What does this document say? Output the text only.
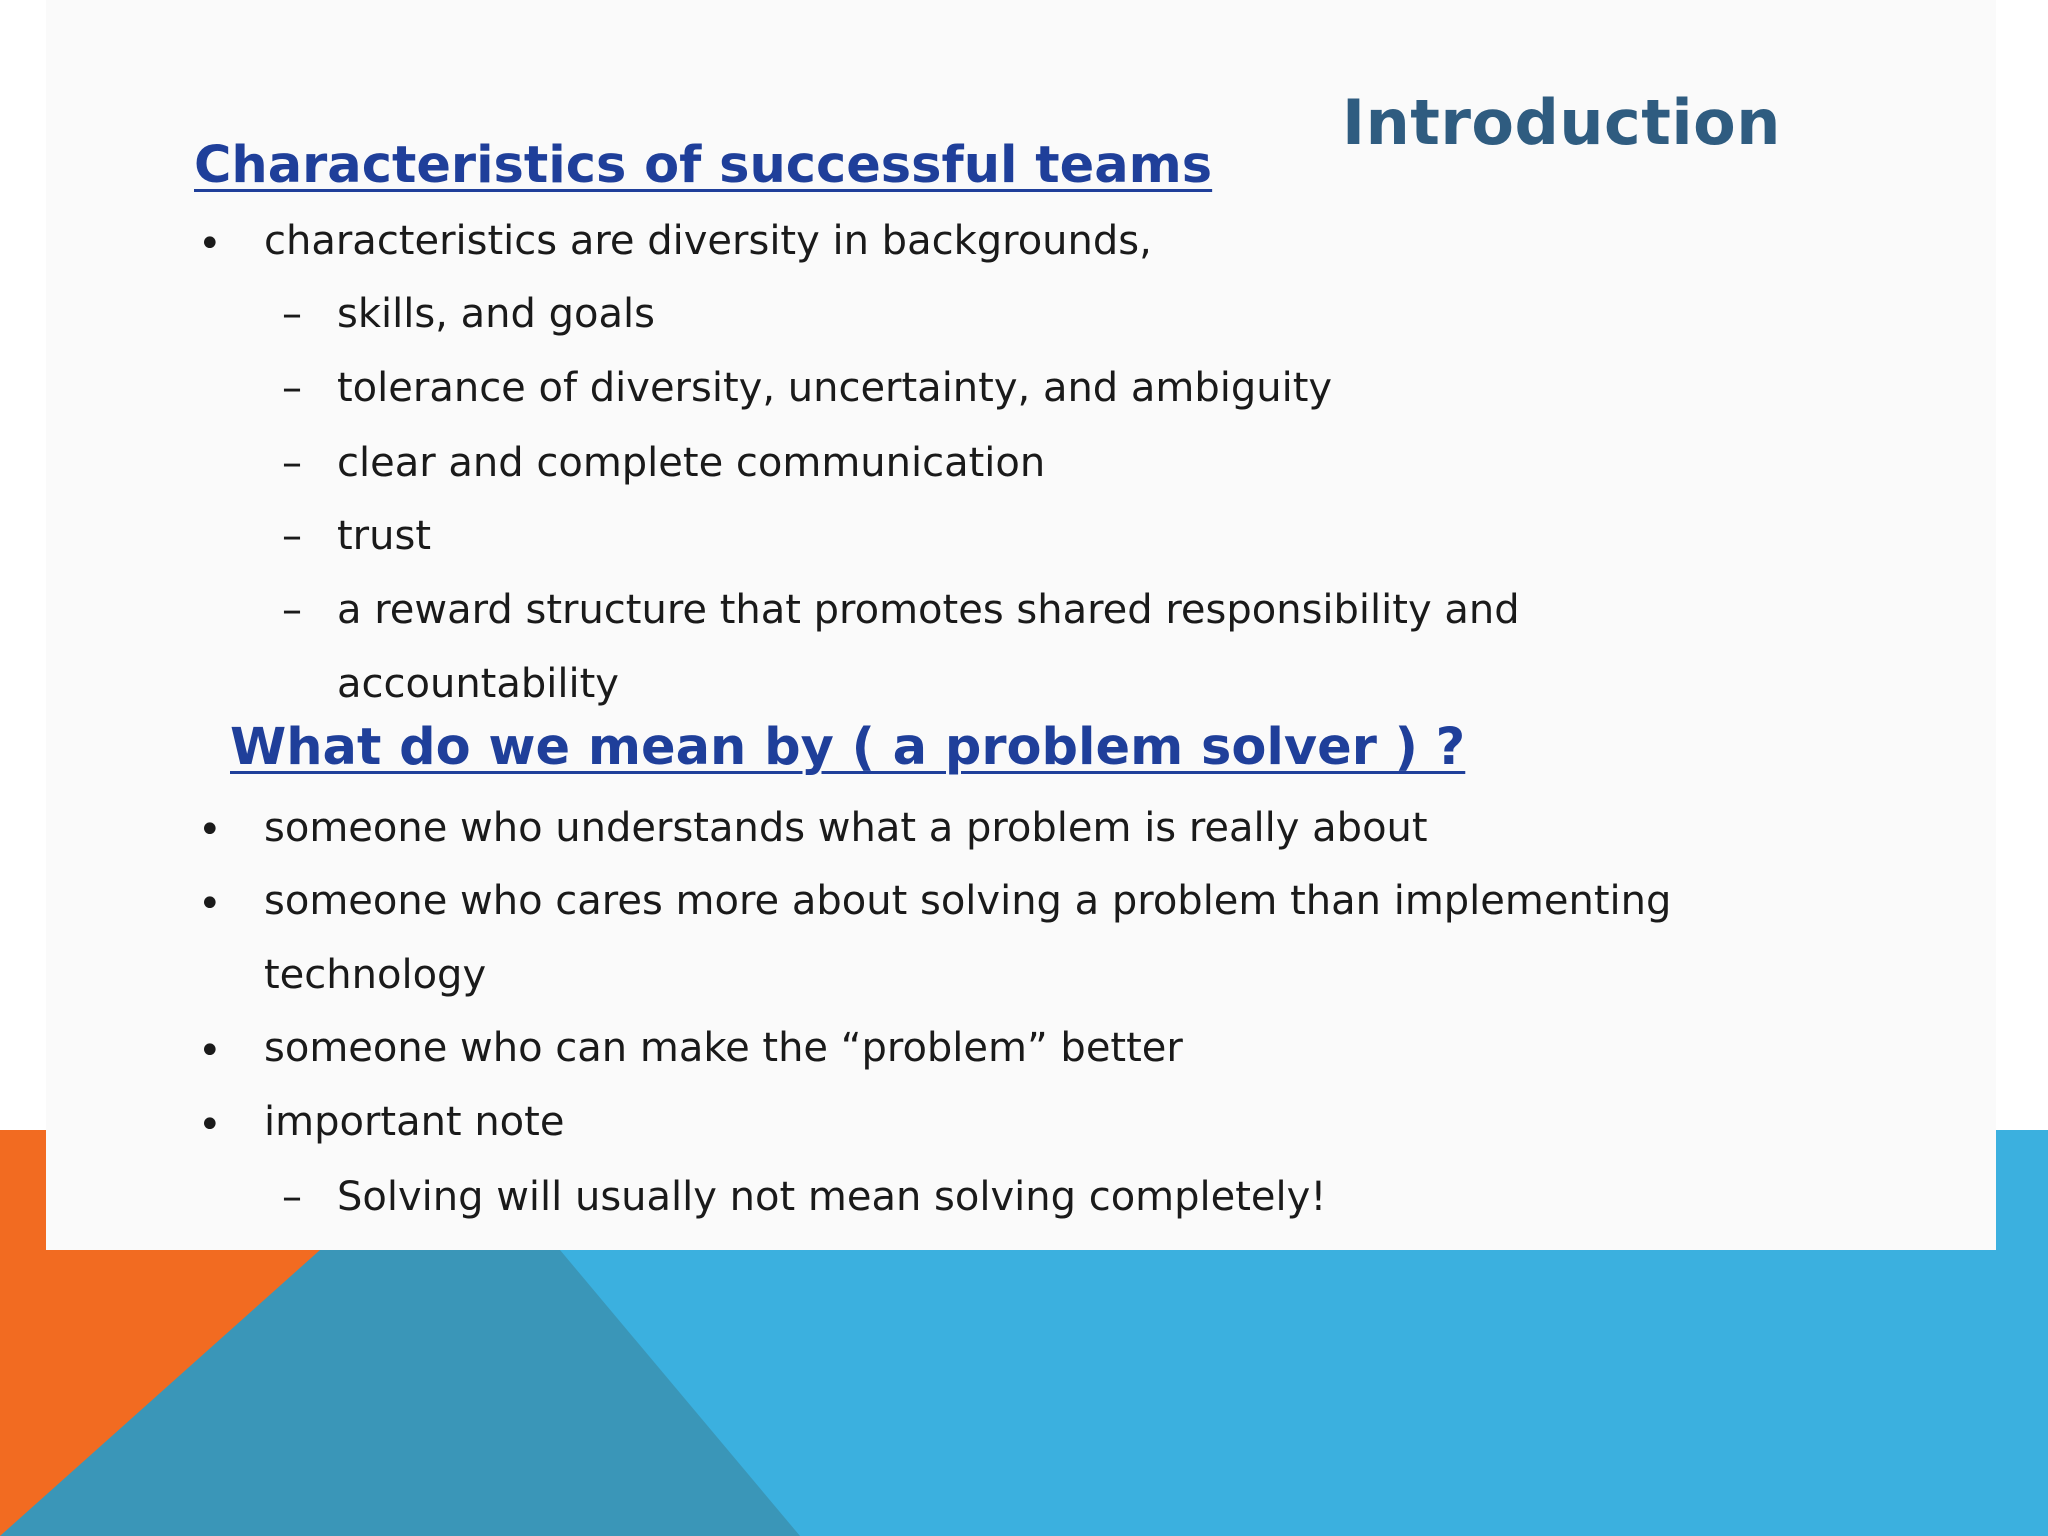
Introduction
Characteristics of successful teams
• characteristics are diversity in backgrounds,

– skills, and goals

– tolerance of diversity, uncertainty, and ambiguity

– clear and complete communication

– trust

– a reward structure that promotes shared responsibility and

accountability

What do we mean by ( a problem solver ) ?
• someone who understands what a problem is really about

• someone who cares more about solving a problem than implementing

technology

• someone who can make the “problem” better

• important note

– Solving will usually not mean solving completely!
